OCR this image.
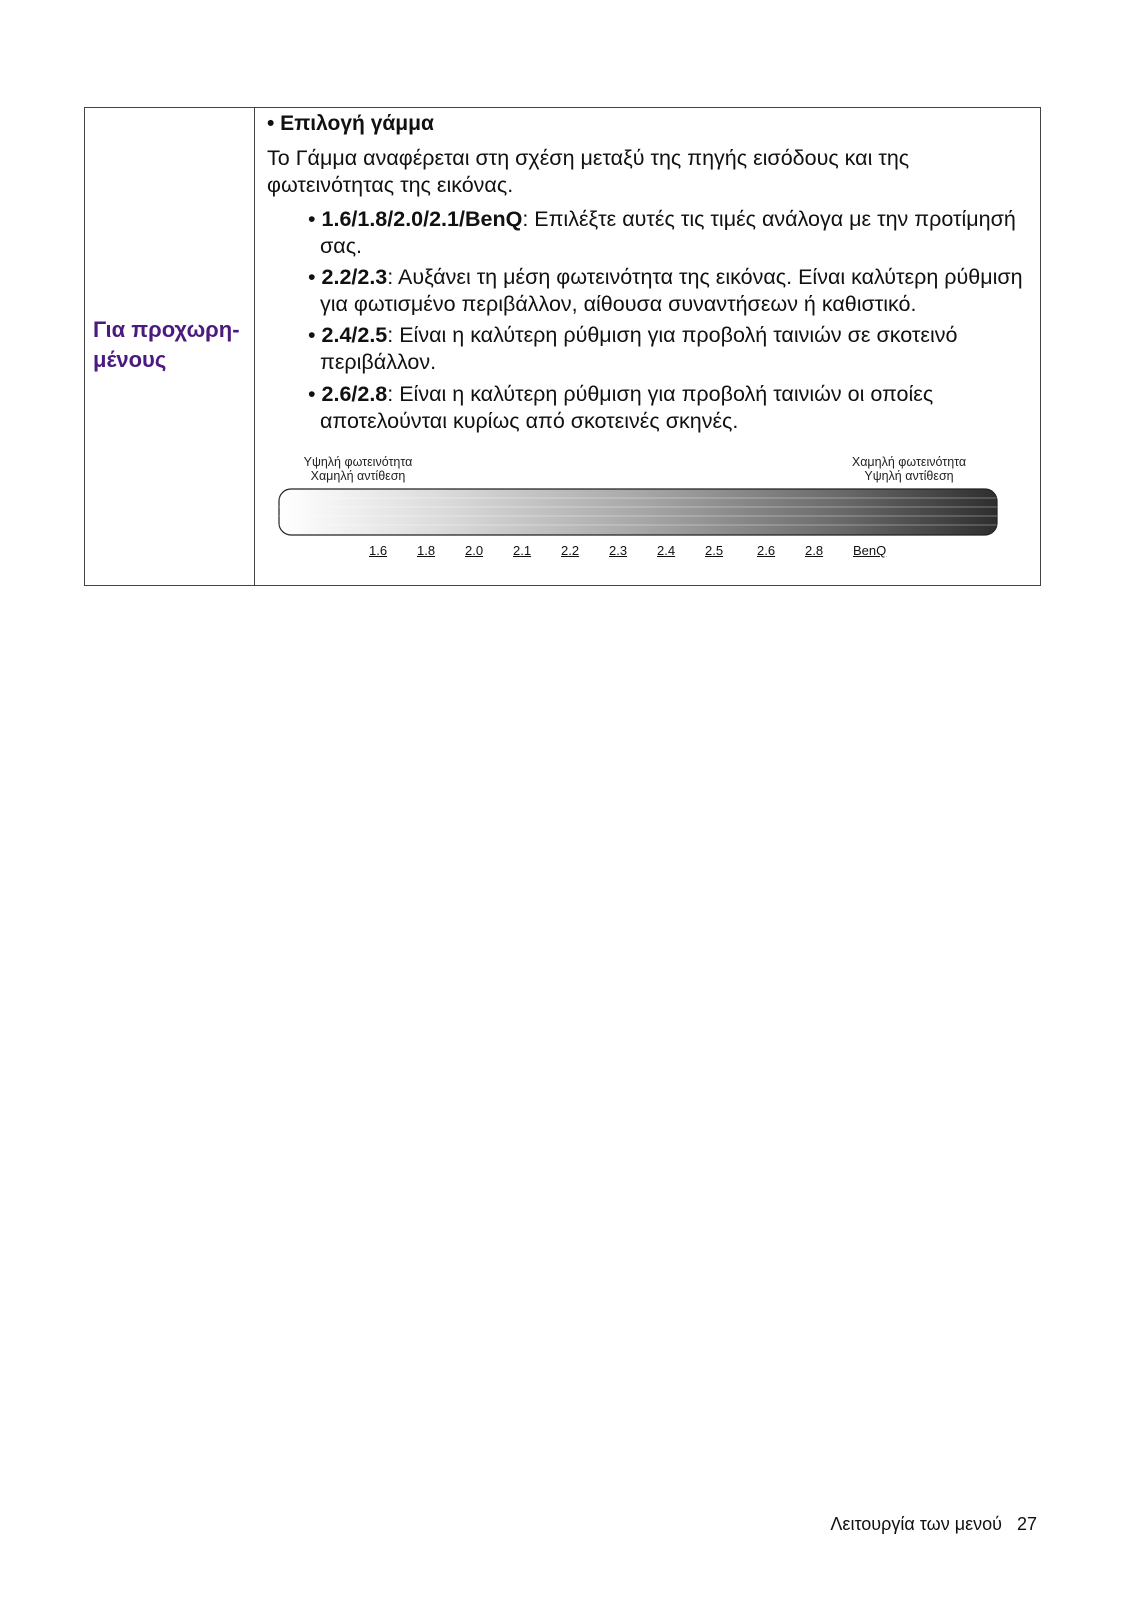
Για προχωρη-μένους
• Επιλογή γάμμα
Το Γάμμα αναφέρεται στη σχέση μεταξύ της πηγής εισόδους και της φωτεινότητας της εικόνας.
• 1.6/1.8/2.0/2.1/BenQ: Επιλέξτε αυτές τις τιμές ανάλογα με την προτίμησή σας.
• 2.2/2.3: Αυξάνει τη μέση φωτεινότητα της εικόνας. Είναι καλύτερη ρύθμιση για φωτισμένο περιβάλλον, αίθουσα συναντήσεων ή καθιστικό.
• 2.4/2.5: Είναι η καλύτερη ρύθμιση για προβολή ταινιών σε σκοτεινό περιβάλλον.
• 2.6/2.8: Είναι η καλύτερη ρύθμιση για προβολή ταινιών οι οποίες αποτελούνται κυρίως από σκοτεινές σκηνές.
Υψηλή φωτεινότητα
Χαμηλή αντίθεση
Χαμηλή φωτεινότητα
Υψηλή αντίθεση
1.6 1.8 2.0 2.1 2.2 2.3 2.4 2.5	2.6 2.8 BenQ
Λειτουργία των μενού 27
